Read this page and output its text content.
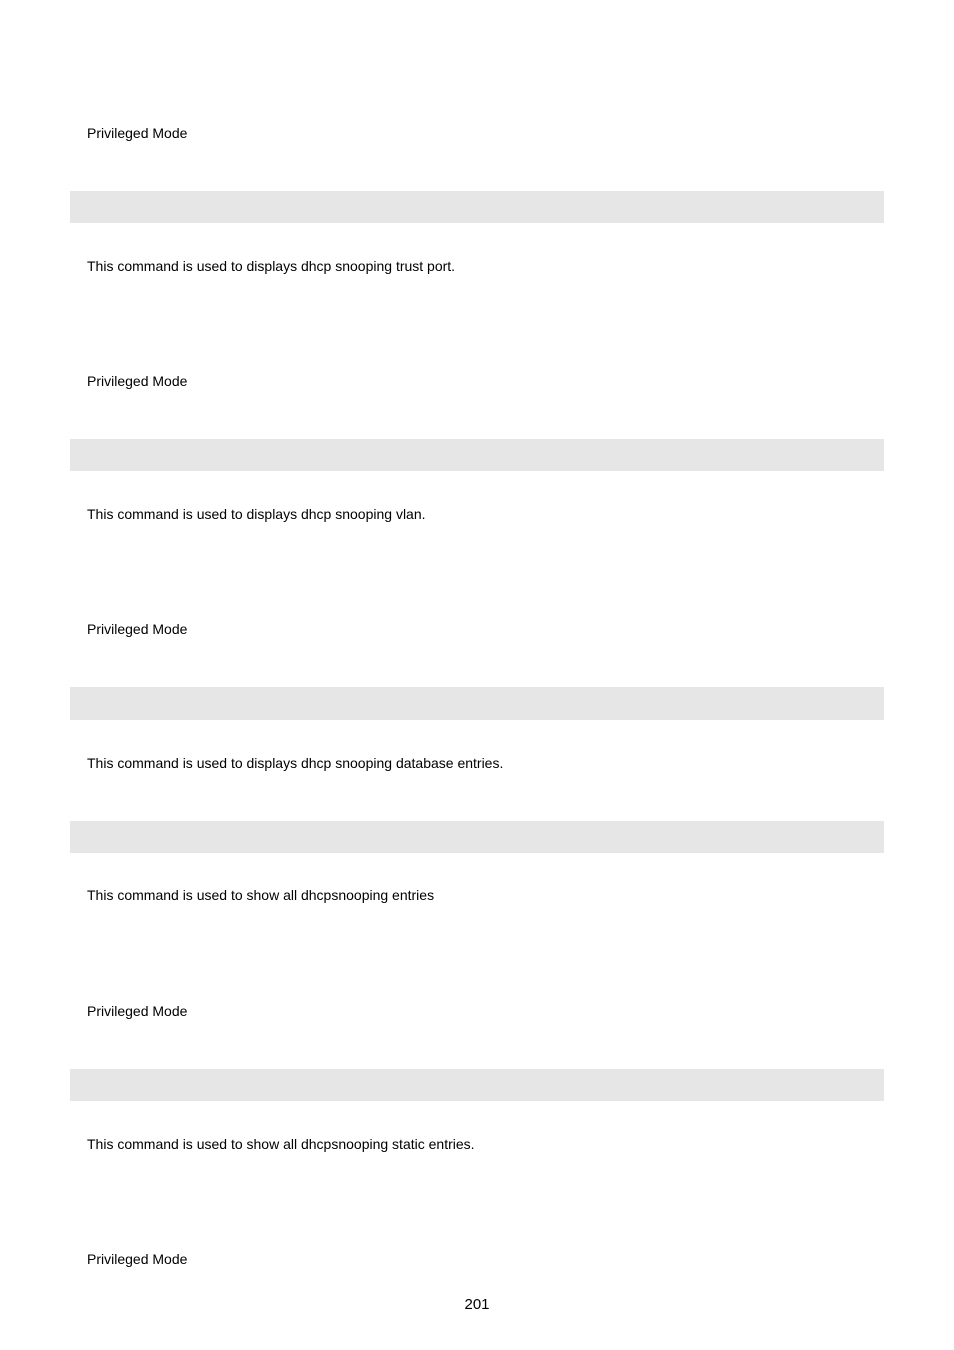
Privileged Mode
This command is used to displays dhcp snooping trust port.
Privileged Mode
This command is used to displays dhcp snooping vlan.
Privileged Mode
This command is used to displays dhcp snooping database entries.
This command is used to show all dhcpsnooping entries
Privileged Mode
This command is used to show all dhcpsnooping static entries.
Privileged Mode
201
